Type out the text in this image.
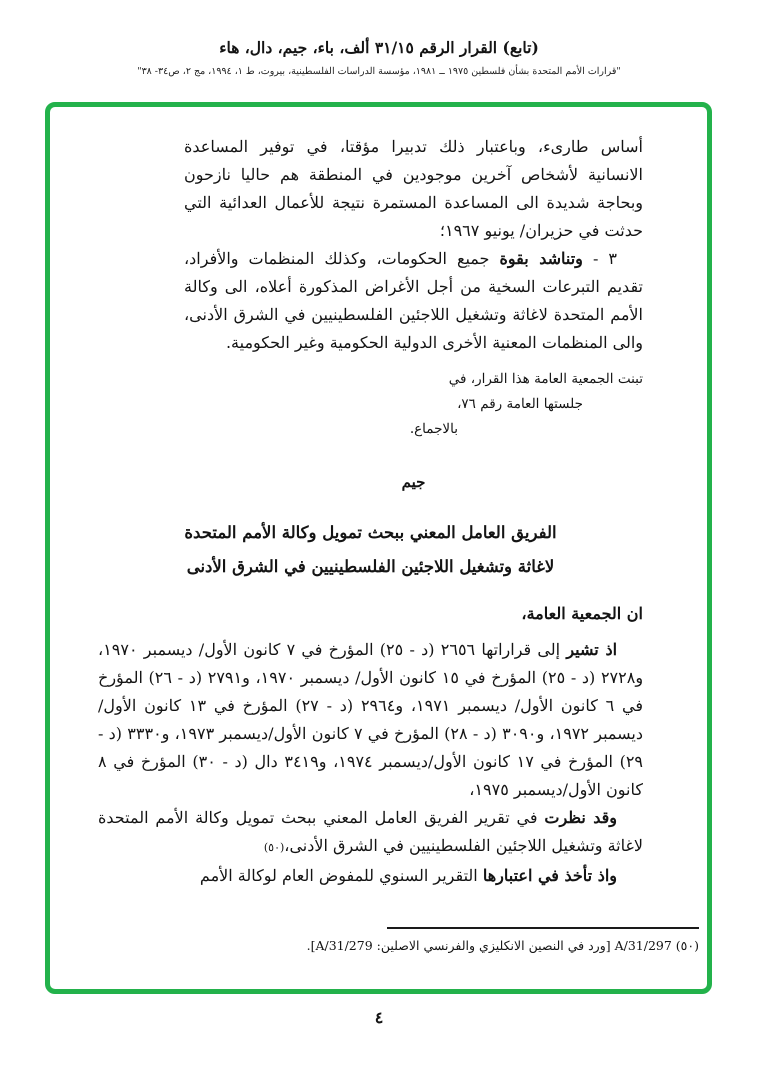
(تابع) القرار الرقم ٣١/١٥ ألف، باء، جيم، دال، هاء
"قرارات الأمم المتحدة بشأن فلسطين ١٩٧٥ ــ ١٩٨١، مؤسسة الدراسات الفلسطينية، بيروت، ط ١، ١٩٩٤، مج ٢، ص٣٤- ٣٨"

أساس طارىء، وباعتبار ذلك تدبيرا مؤقتا، في توفير المساعدة الانسانية لأشخاص آخرين موجودين في المنطقة هم حاليا نازحون وبحاجة شديدة الى المساعدة المستمرة نتيجة للأعمال العدائية التي حدثت في حزيران/ يونيو ١٩٦٧؛

٣ - وتناشد بقوة جميع الحكومات، وكذلك المنظمات والأفراد، تقديم التبرعات السخية من أجل الأغراض المذكورة أعلاه، الى وكالة الأمم المتحدة لاغاثة وتشغيل اللاجئين الفلسطينيين في الشرق الأدنى، والى المنظمات المعنية الأخرى الدولية الحكومية وغير الحكومية.

تبنت الجمعية العامة هذا القرار، في
جلستها العامة رقم ٧٦،
بالاجماع.
جيم
الفريق العامل المعني ببحث تمويل وكالة الأمم المتحدة
لاغاثة وتشغيل اللاجئين الفلسطينيين في الشرق الأدنى

ان الجمعية العامة،

اذ تشير إلى قراراتها ٢٦٥٦ (د - ٢٥) المؤرخ في ٧ كانون الأول/ ديسمبر ١٩٧٠، و٢٧٢٨ (د - ٢٥) المؤرخ في ١٥ كانون الأول/ ديسمبر ١٩٧٠، و٢٧٩١ (د - ٢٦) المؤرخ في ٦ كانون الأول/ ديسمبر ١٩٧١، و٢٩٦٤ (د - ٢٧) المؤرخ في ١٣ كانون الأول/ديسمبر ١٩٧٢، و٣٠٩٠ (د - ٢٨) المؤرخ في ٧ كانون الأول/ديسمبر ١٩٧٣، و٣٣٣٠ (د - ٢٩) المؤرخ في ١٧ كانون الأول/ديسمبر ١٩٧٤، و٣٤١٩ دال (د - ٣٠) المؤرخ في ٨ كانون الأول/ديسمبر ١٩٧٥،

وقد نظرت في تقرير الفريق العامل المعني ببحث تمويل وكالة الأمم المتحدة لاغاثة وتشغيل اللاجئين الفلسطينيين في الشرق الأدنى،(٥٠)

واذ تأخذ في اعتبارها التقرير السنوي للمفوض العام لوكالة الأمم

(٥٠) A/31/297 [ورد في النصين الانكليزي والفرنسي الاصلين: A/31/279].
٤
